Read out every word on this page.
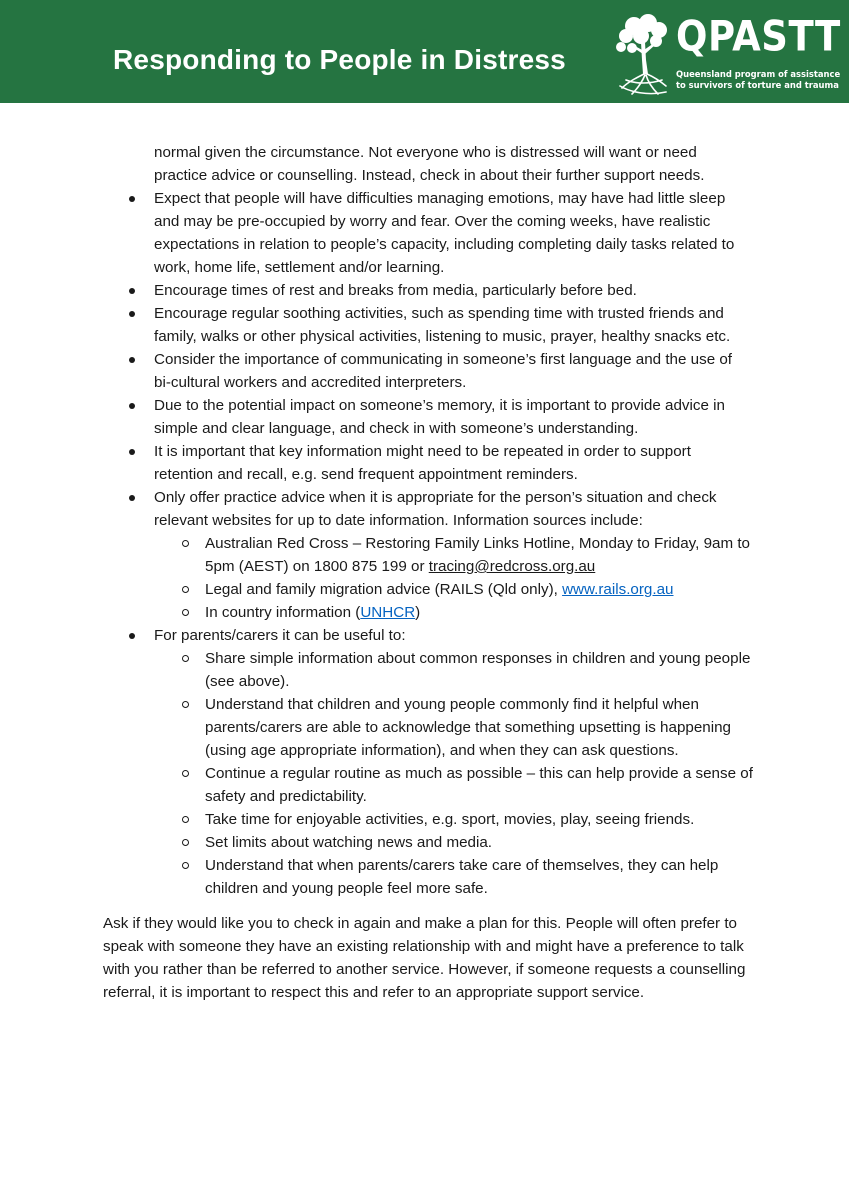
Responding to People in Distress	QPASTT
Queensland program of assistance
to survivors of torture and trauma

normal given the circumstance. Not everyone who is distressed will want or need practice advice or counselling. Instead, check in about their further support needs.

Expect that people will have difficulties managing emotions, may have had little sleep and may be pre-occupied by worry and fear. Over the coming weeks, have realistic expectations in relation to people’s capacity, including completing daily tasks related to work, home life, settlement and/or learning.
Encourage times of rest and breaks from media, particularly before bed.
Encourage regular soothing activities, such as spending time with trusted friends and family, walks or other physical activities, listening to music, prayer, healthy snacks etc.
Consider the importance of communicating in someone’s first language and the use of bi-cultural workers and accredited interpreters.
Due to the potential impact on someone’s memory, it is important to provide advice in simple and clear language, and check in with someone’s understanding.
It is important that key information might need to be repeated in order to support retention and recall, e.g. send frequent appointment reminders.
Only offer practice advice when it is appropriate for the person’s situation and check relevant websites for up to date information. Information sources include:
Australian Red Cross – Restoring Family Links Hotline, Monday to Friday, 9am to 5pm (AEST) on 1800 875 199 or tracing@redcross.org.au
Legal and family migration advice (RAILS (Qld only), www.rails.org.au
In country information (UNHCR)
For parents/carers it can be useful to:
Share simple information about common responses in children and young people (see above).
Understand that children and young people commonly find it helpful when parents/carers are able to acknowledge that something upsetting is happening (using age appropriate information), and when they can ask questions.
Continue a regular routine as much as possible – this can help provide a sense of safety and predictability.
Take time for enjoyable activities, e.g. sport, movies, play, seeing friends.
Set limits about watching news and media.
Understand that when parents/carers take care of themselves, they can help children and young people feel more safe.

Ask if they would like you to check in again and make a plan for this. People will often prefer to speak with someone they have an existing relationship with and might have a preference to talk with you rather than be referred to another service. However, if someone requests a counselling referral, it is important to respect this and refer to an appropriate support service.
